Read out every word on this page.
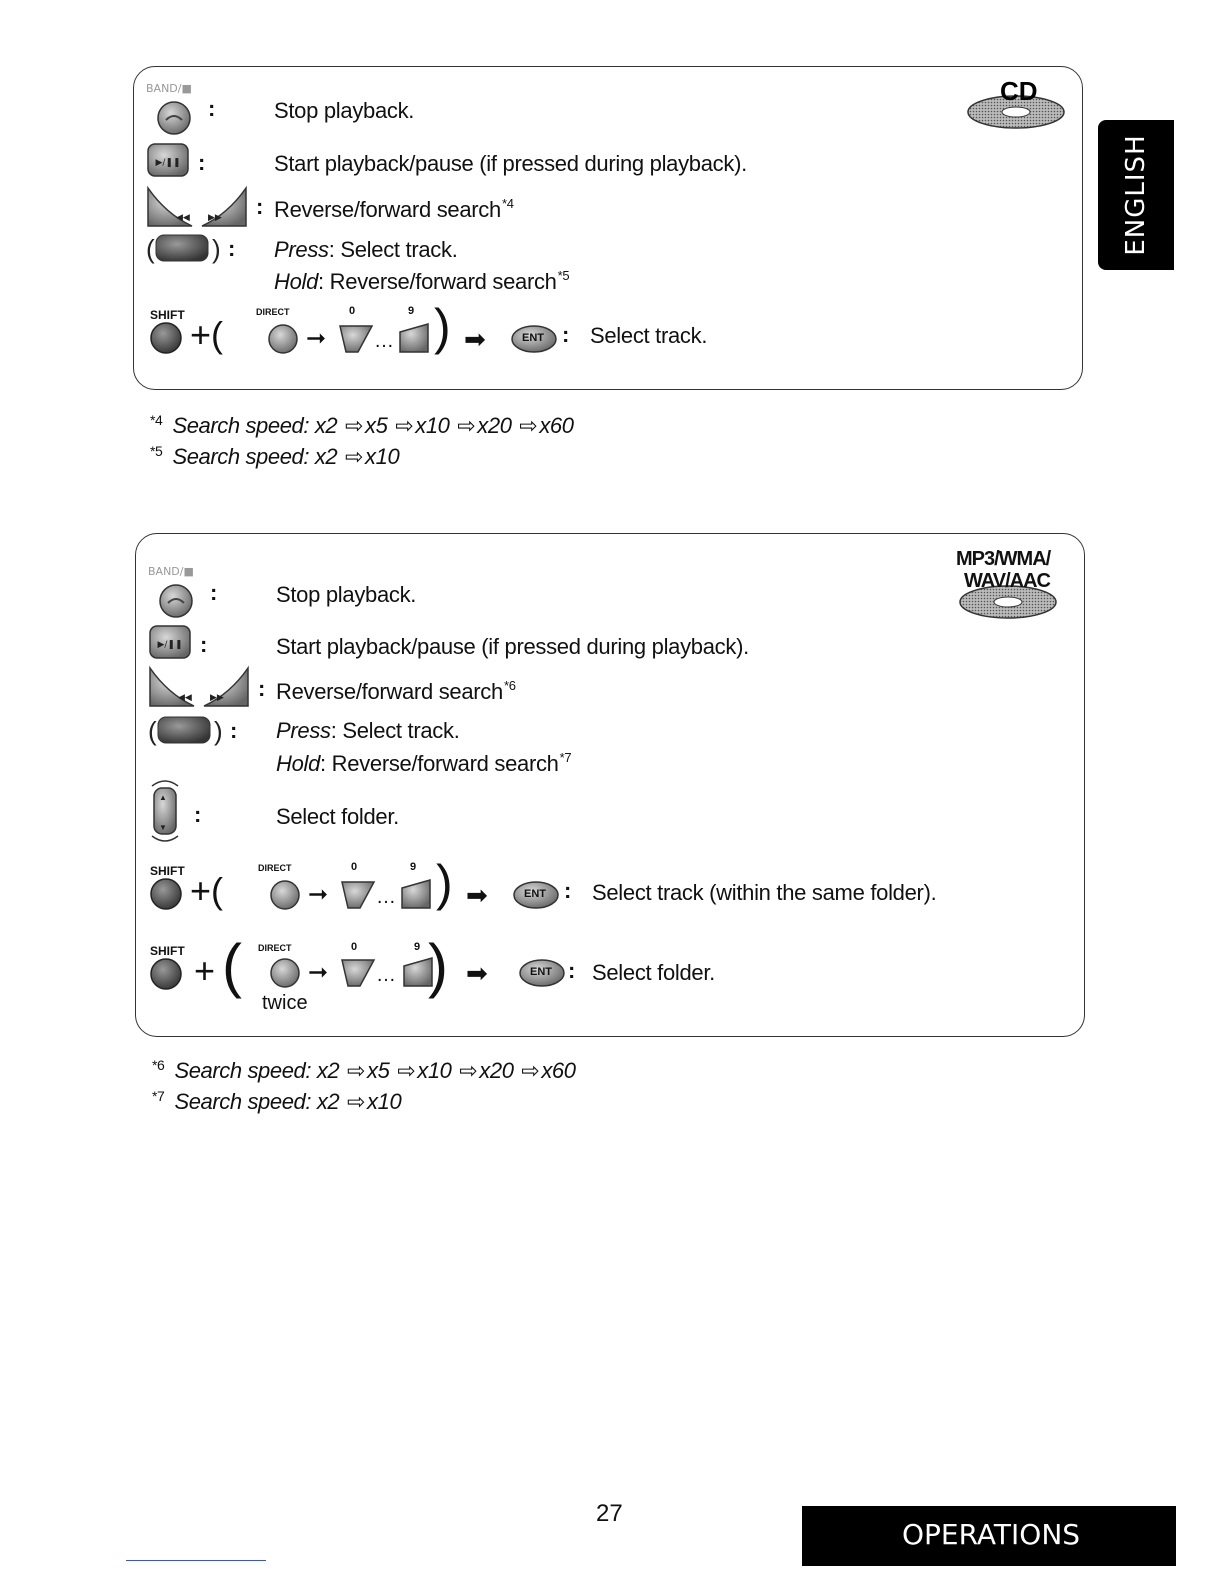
CD
BAND/■
:	Stop playback.
▶/❚❚ :	Start playback/pause (if pressed during playback).
◀◀ ▶▶ : Reverse/forward search$^{*4}$
( ) : Press: Select track.
Hold: Reverse/forward search$^{*5}$
SHIFT +(
DIRECT
➞
0
…
9 ) ➡	ENT : Select track.
$^{*4}$ Search speed: x2 ⇨x5 ⇨x10 ⇨x20 ⇨x60
$^{*5}$ Search speed: x2 ⇨x10
MP3/WMA/
WAV/AAC
BAND/■
:	Stop playback.
▶/❚❚ :	Start playback/pause (if pressed during playback).
◀◀ ▶▶ : Reverse/forward search$^{*6}$
( ) : Press: Select track.
Hold: Reverse/forward search$^{*7}$
▲
▼
:	Select folder.
SHIFT +(
DIRECT
➞
0
…
9 ) ➡	ENT : Select track (within the same folder).
SHIFT + ( DIRECT
twice
➞
0
…
9 ) ➡	ENT : Select folder.
$^{*6}$ Search speed: x2 ⇨x5 ⇨x10 ⇨x20 ⇨x60
$^{*7}$ Search speed: x2 ⇨x10
ENGLISH
27
OPERATIONS
